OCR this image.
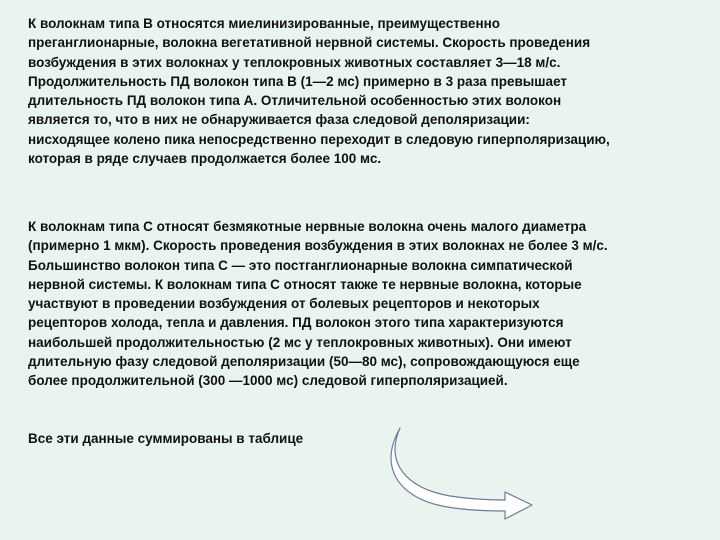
К волокнам типа В относятся миелинизированные, преимущественно
преганглионарные, волокна вегетативной нервной системы. Скорость проведения
возбуждения в этих волокнах у теплокровных животных составляет 3—18 м/с.
Продолжительность ПД волокон типа В (1—2 мс) примерно в 3 раза превышает
длительность ПД волокон типа А. Отличительной особенностью этих волокон
является то, что в них не обнаруживается фаза следовой деполяризации:
нисходящее колено пика непосредственно переходит в следовую гиперполяризацию,
которая в ряде случаев продолжается более 100 мс.

К волокнам типа С относят безмякотные нервные волокна очень малого диаметра
(примерно 1 мкм). Скорость проведения возбуждения в этих волокнах не более 3 м/с.
Большинство волокон типа С — это постганглионарные волокна симпатической
нервной системы. К волокнам типа С относят также те нервные волокна, которые
участвуют в проведении возбуждения от болевых рецепторов и некоторых
рецепторов холода, тепла и давления. ПД волокон этого типа характеризуются
наибольшей продолжительностью (2 мс у теплокровных животных). Они имеют
длительную фазу следовой деполяризации (50—80 мс), сопровождающуюся еще
более продолжительной (300 —1000 мс) следовой гиперполяризацией.

Все эти данные суммированы в таблице
